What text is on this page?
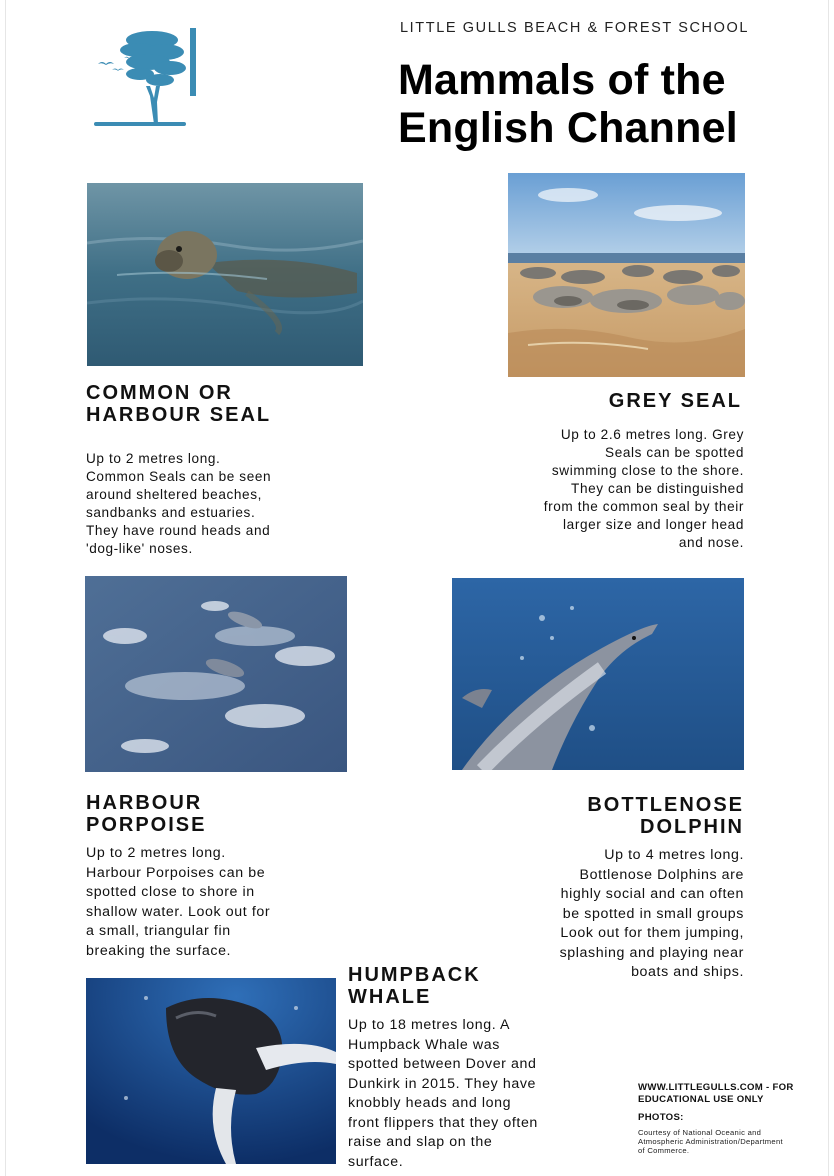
LITTLE GULLS BEACH & FOREST SCHOOL
Mammals of the English Channel
COMMON OR HARBOUR SEAL
Up to 2 metres long. Common Seals can be seen around sheltered beaches, sandbanks and estuaries. They have round heads and 'dog-like' noses.
GREY SEAL
Up to 2.6 metres long. Grey Seals can be spotted swimming close to the shore. They can be distinguished from the common seal by their larger size and longer head and nose.
HARBOUR PORPOISE
Up to 2 metres long. Harbour Porpoises can be spotted close to shore in shallow water. Look out for a small, triangular fin breaking the surface.
BOTTLENOSE DOLPHIN
Up to 4 metres long. Bottlenose Dolphins are highly social and can often be spotted in small groups Look out for them jumping, splashing and playing near boats and ships.
HUMPBACK WHALE
Up to 18 metres long. A Humpback Whale was spotted between Dover and Dunkirk in 2015. They have knobbly heads and long front flippers that they often raise and slap on the surface.
WWW.LITTLEGULLS.COM - FOR EDUCATIONAL USE ONLY
PHOTOS:
Courtesy of National Oceanic and Atmospheric Administration/Department of Commerce.
